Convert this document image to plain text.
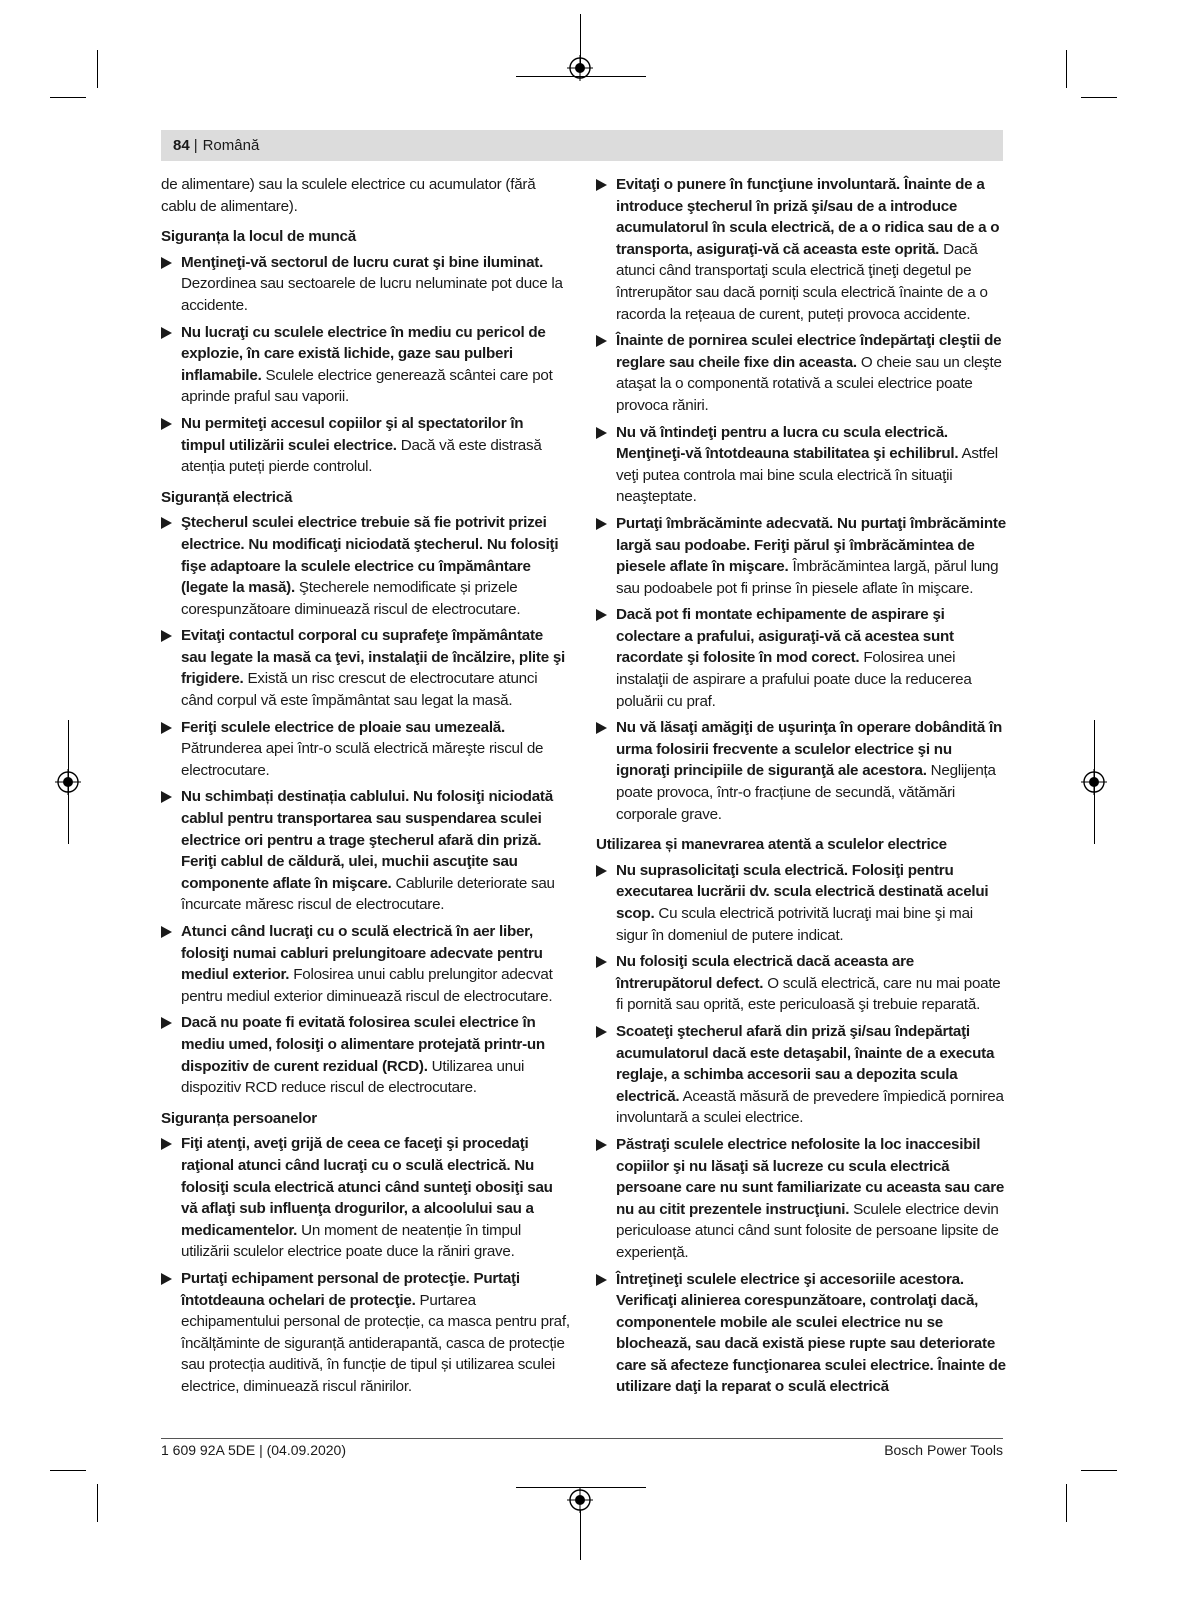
84 | Română

de alimentare) sau la sculele electrice cu acumulator (fără cablu de alimentare).

Siguranța la locul de muncă

Menţineţi-vă sectorul de lucru curat şi bine iluminat. Dezordinea sau sectoarele de lucru neluminate pot duce la accidente.
Nu lucraţi cu sculele electrice în mediu cu pericol de explozie, în care există lichide, gaze sau pulberi inflamabile. Sculele electrice generează scântei care pot aprinde praful sau vaporii.
Nu permiteţi accesul copiilor şi al spectatorilor în timpul utilizării sculei electrice. Dacă vă este distrasă atenția puteți pierde controlul.

Siguranță electrică

Ştecherul sculei electrice trebuie să fie potrivit prizei electrice. Nu modificaţi niciodată ştecherul. Nu folosiţi fişe adaptoare la sculele electrice cu împământare (legate la masă). Ştecherele nemodificate și prizele corespunzătoare diminuează riscul de electrocutare.
Evitaţi contactul corporal cu suprafeţe împământate sau legate la masă ca ţevi, instalaţii de încălzire, plite şi frigidere. Există un risc crescut de electrocutare atunci când corpul vă este împământat sau legat la masă.
Feriţi sculele electrice de ploaie sau umezeală. Pătrunderea apei într-o sculă electrică măreşte riscul de electrocutare.
Nu schimbați destinația cablului. Nu folosiţi niciodată cablul pentru transportarea sau suspendarea sculei electrice ori pentru a trage ştecherul afară din priză. Feriţi cablul de căldură, ulei, muchii ascuţite sau componente aflate în mişcare. Cablurile deteriorate sau încurcate măresc riscul de electrocutare.
Atunci când lucraţi cu o sculă electrică în aer liber, folosiţi numai cabluri prelungitoare adecvate pentru mediul exterior. Folosirea unui cablu prelungitor adecvat pentru mediul exterior diminuează riscul de electrocutare.
Dacă nu poate fi evitată folosirea sculei electrice în mediu umed, folosiţi o alimentare protejată printr-un dispozitiv de curent rezidual (RCD). Utilizarea unui dispozitiv RCD reduce riscul de electrocutare.

Siguranța persoanelor

Fiţi atenţi, aveţi grijă de ceea ce faceţi şi procedaţi raţional atunci când lucraţi cu o sculă electrică. Nu folosiţi scula electrică atunci când sunteţi obosiţi sau vă aflaţi sub influenţa drogurilor, a alcoolului sau a medicamentelor. Un moment de neatenție în timpul utilizării sculelor electrice poate duce la răniri grave.
Purtaţi echipament personal de protecţie. Purtaţi întotdeauna ochelari de protecţie. Purtarea echipamentului personal de protecție, ca masca pentru praf, încălțăminte de siguranță antiderapantă, casca de protecție sau protecția auditivă, în funcție de tipul și utilizarea sculei electrice, diminuează riscul rănirilor.
Evitaţi o punere în funcţiune involuntară. Înainte de a introduce ştecherul în priză şi/sau de a introduce acumulatorul în scula electrică, de a o ridica sau de a o transporta, asiguraţi-vă că aceasta este oprită. Dacă atunci când transportaţi scula electrică ţineţi degetul pe întrerupător sau dacă porniți scula electrică înainte de a o racorda la rețeaua de curent, puteți provoca accidente.
Înainte de pornirea sculei electrice îndepărtaţi cleştii de reglare sau cheile fixe din aceasta. O cheie sau un cleşte ataşat la o componentă rotativă a sculei electrice poate provoca răniri.
Nu vă întindeţi pentru a lucra cu scula electrică. Menţineţi-vă întotdeauna stabilitatea şi echilibrul. Astfel veţi putea controla mai bine scula electrică în situaţii neaşteptate.
Purtaţi îmbrăcăminte adecvată. Nu purtaţi îmbrăcăminte largă sau podoabe. Feriţi părul şi îmbrăcămintea de piesele aflate în mişcare. Îmbrăcămintea largă, părul lung sau podoabele pot fi prinse în piesele aflate în mişcare.
Dacă pot fi montate echipamente de aspirare şi colectare a prafului, asiguraţi-vă că acestea sunt racordate şi folosite în mod corect. Folosirea unei instalaţii de aspirare a prafului poate duce la reducerea poluării cu praf.
Nu vă lăsaţi amăgiţi de uşurinţa în operare dobândită în urma folosirii frecvente a sculelor electrice şi nu ignoraţi principiile de siguranţă ale acestora. Neglijența poate provoca, într-o fracțiune de secundă, vătămări corporale grave.

Utilizarea și manevrarea atentă a sculelor electrice

Nu suprasolicitaţi scula electrică. Folosiţi pentru executarea lucrării dv. scula electrică destinată acelui scop. Cu scula electrică potrivită lucraţi mai bine şi mai sigur în domeniul de putere indicat.
Nu folosiţi scula electrică dacă aceasta are întrerupătorul defect. O sculă electrică, care nu mai poate fi pornită sau oprită, este periculoasă şi trebuie reparată.
Scoateţi ştecherul afară din priză şi/sau îndepărtaţi acumulatorul dacă este detaşabil, înainte de a executa reglaje, a schimba accesorii sau a depozita scula electrică. Această măsură de prevedere împiedică pornirea involuntară a sculei electrice.
Păstraţi sculele electrice nefolosite la loc inaccesibil copiilor şi nu lăsaţi să lucreze cu scula electrică persoane care nu sunt familiarizate cu aceasta sau care nu au citit prezentele instrucţiuni. Sculele electrice devin periculoase atunci când sunt folosite de persoane lipsite de experiență.
Întreţineţi sculele electrice şi accesoriile acestora. Verificaţi alinierea corespunzătoare, controlaţi dacă, componentele mobile ale sculei electrice nu se blochează, sau dacă există piese rupte sau deteriorate care să afecteze funcţionarea sculei electrice. Înainte de utilizare daţi la reparat o sculă electrică
1 609 92A 5DE | (04.09.2020)	Bosch Power Tools
